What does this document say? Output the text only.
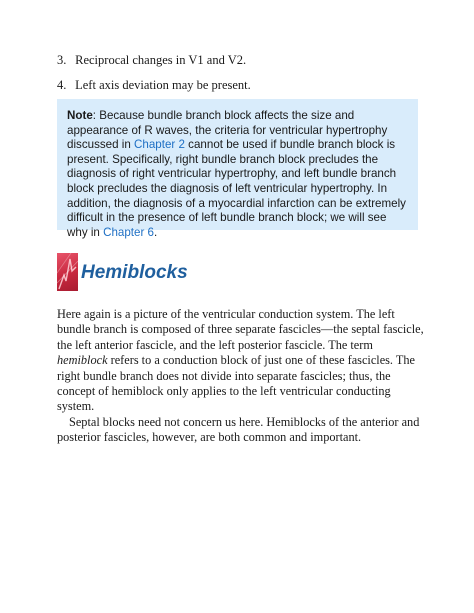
3. Reciprocal changes in V1 and V2.
4. Left axis deviation may be present.
Note: Because bundle branch block affects the size and appearance of R waves, the criteria for ventricular hypertrophy discussed in Chapter 2 cannot be used if bundle branch block is present. Specifically, right bundle branch block precludes the diagnosis of right ventricular hypertrophy, and left bundle branch block precludes the diagnosis of left ventricular hypertrophy. In addition, the diagnosis of a myocardial infarction can be extremely difficult in the presence of left bundle branch block; we will see why in Chapter 6.
Hemiblocks

Here again is a picture of the ventricular conduction system. The left bundle branch is composed of three separate fascicles—the septal fascicle, the left anterior fascicle, and the left posterior fascicle. The term hemiblock refers to a conduction block of just one of these fascicles. The right bundle branch does not divide into separate fascicles; thus, the concept of hemiblock only applies to the left ventricular conducting system.

Septal blocks need not concern us here. Hemiblocks of the anterior and posterior fascicles, however, are both common and important.
